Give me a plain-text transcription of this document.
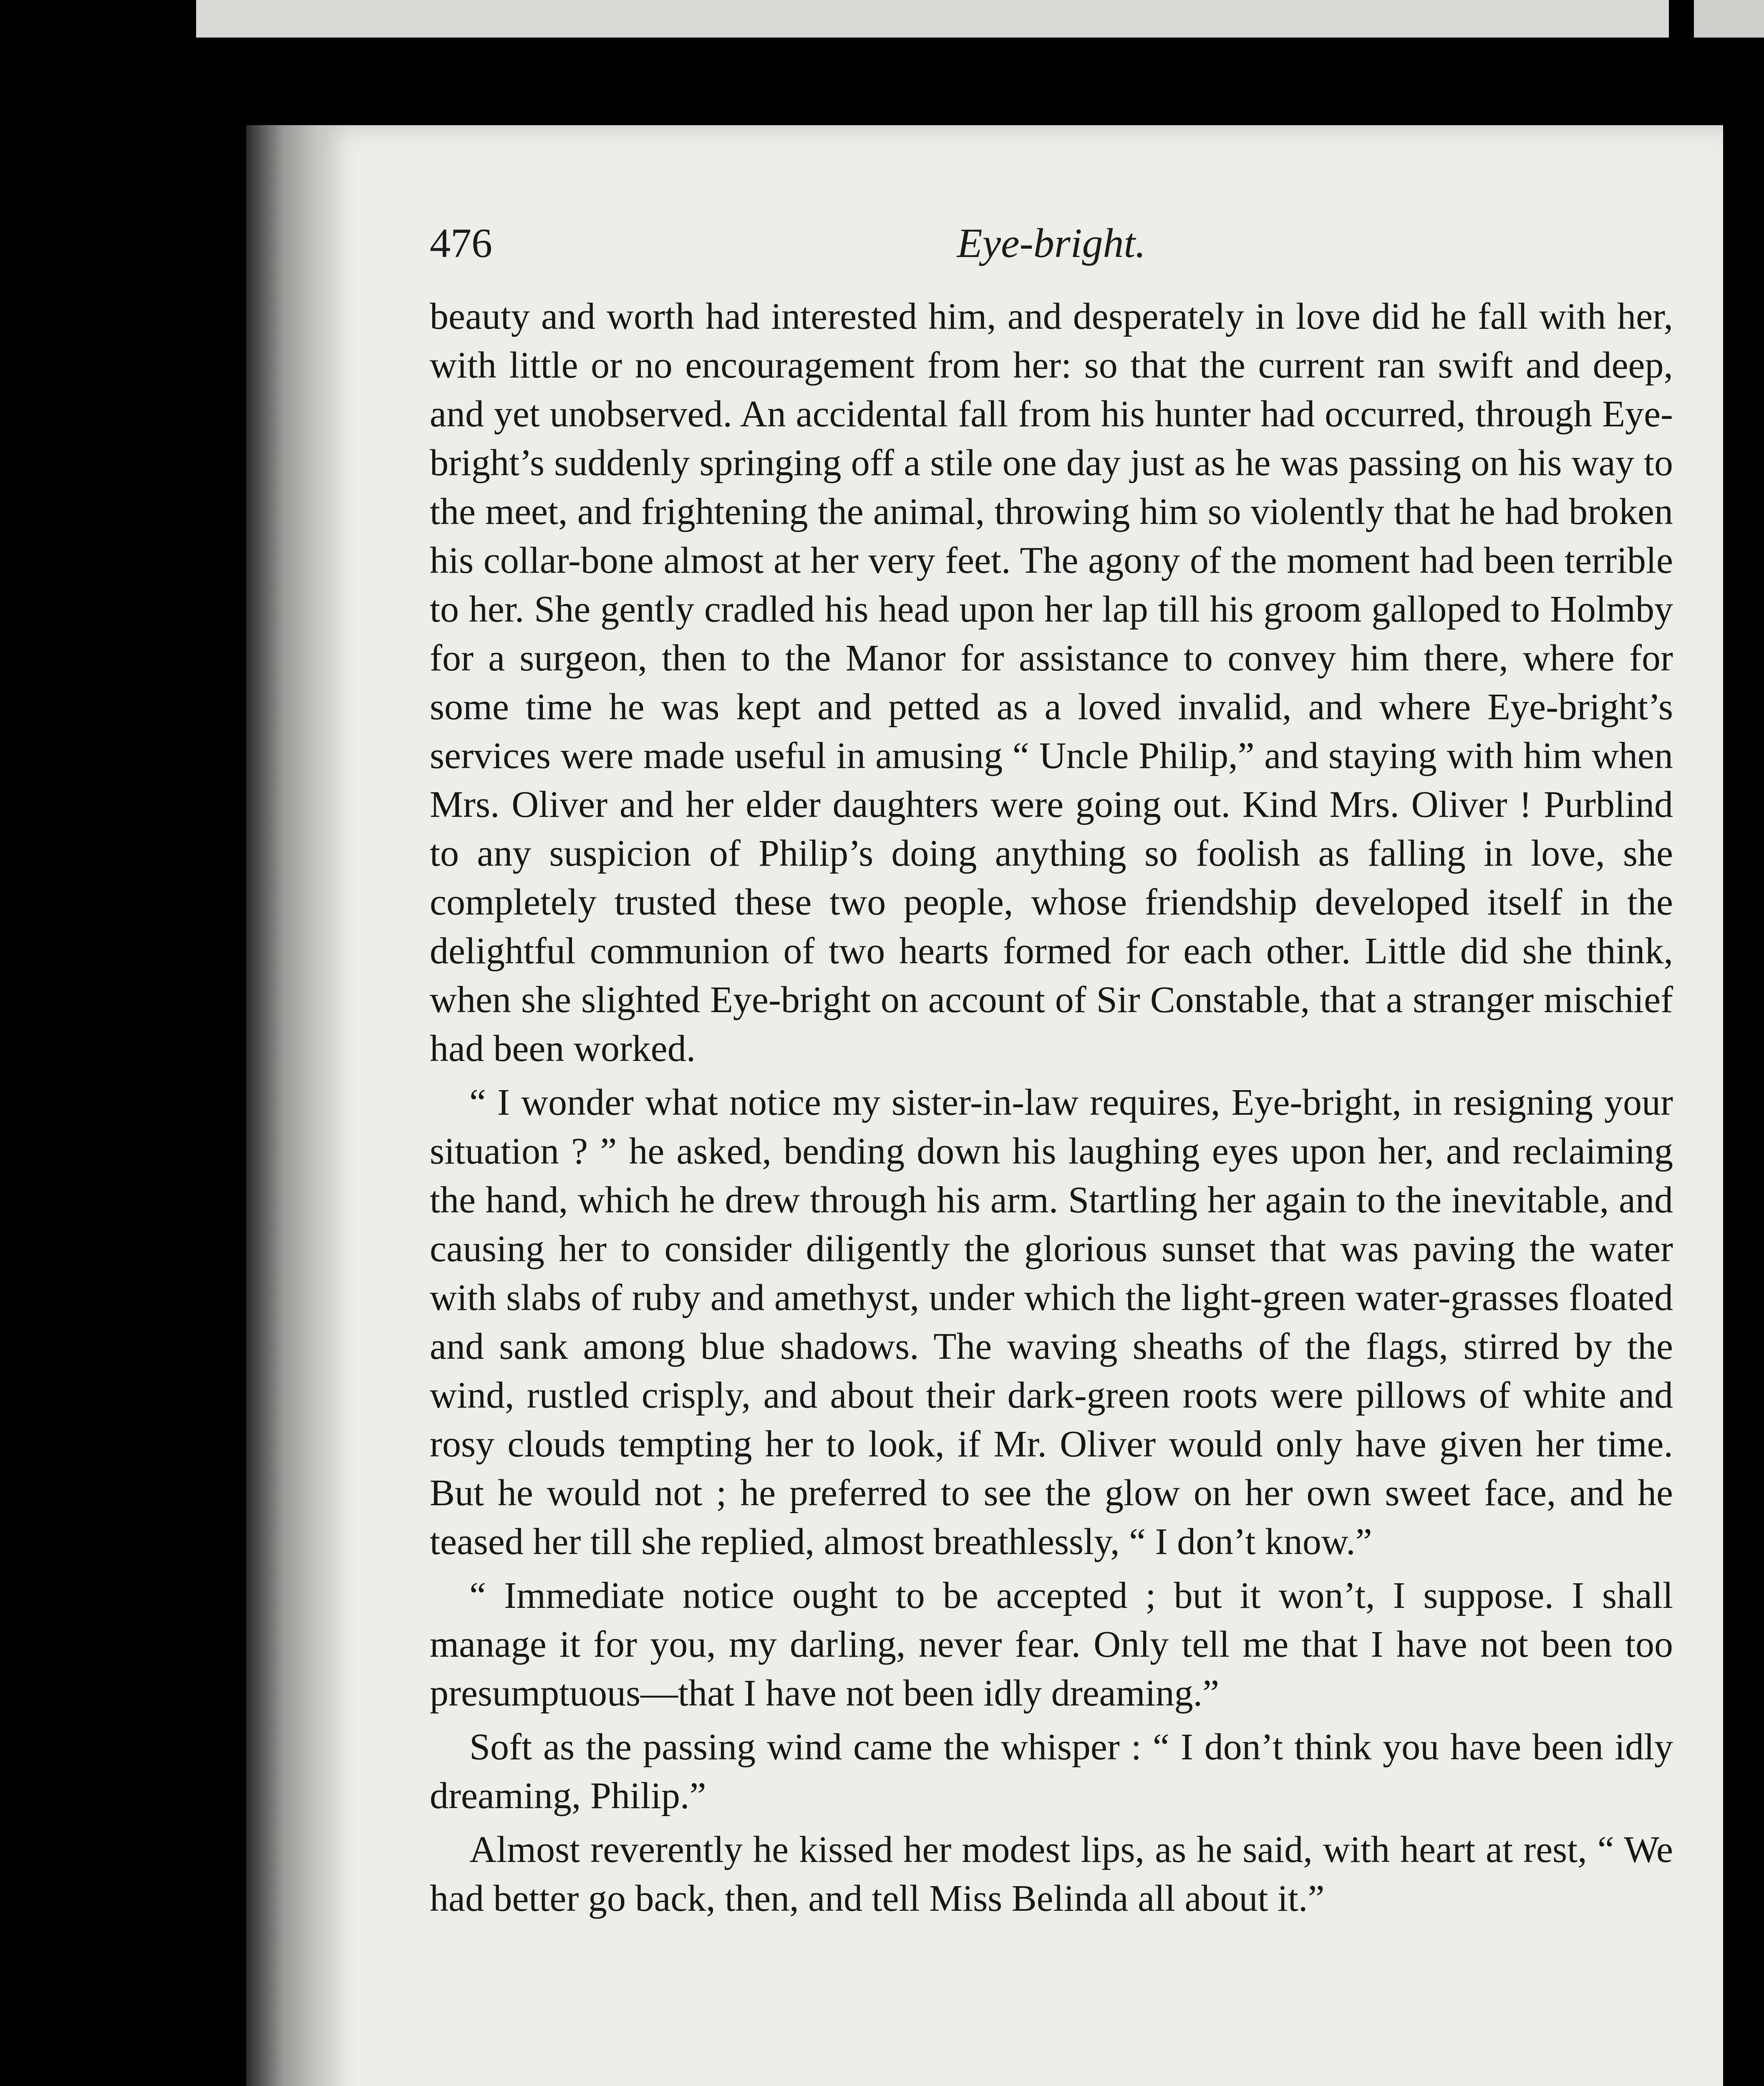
Eye-bright.
476

beauty and worth had interested him, and desperately in love did he fall with her, with little or no encouragement from her: so that the current ran swift and deep, and yet unobserved. An accidental fall from his hunter had occurred, through Eye-bright’s suddenly springing off a stile one day just as he was passing on his way to the meet, and frightening the animal, throwing him so violently that he had broken his collar-bone almost at her very feet. The agony of the moment had been terrible to her. She gently cradled his head upon her lap till his groom galloped to Holmby for a surgeon, then to the Manor for assistance to convey him there, where for some time he was kept and petted as a loved invalid, and where Eye-bright’s services were made useful in amusing “ Uncle Philip,” and staying with him when Mrs. Oliver and her elder daughters were going out. Kind Mrs. Oliver ! Purblind to any suspicion of Philip’s doing anything so foolish as falling in love, she completely trusted these two people, whose friendship developed itself in the delightful communion of two hearts formed for each other. Little did she think, when she slighted Eye-bright on account of Sir Constable, that a stranger mischief had been worked.

“ I wonder what notice my sister-in-law requires, Eye-bright, in resigning your situation ? ” he asked, bending down his laughing eyes upon her, and reclaiming the hand, which he drew through his arm. Startling her again to the inevitable, and causing her to consider diligently the glorious sunset that was paving the water with slabs of ruby and amethyst, under which the light-green water-grasses floated and sank among blue shadows. The waving sheaths of the flags, stirred by the wind, rustled crisply, and about their dark-green roots were pillows of white and rosy clouds tempting her to look, if Mr. Oliver would only have given her time. But he would not ; he preferred to see the glow on her own sweet face, and he teased her till she replied, almost breathlessly, “ I don’t know.”

“ Immediate notice ought to be accepted ; but it won’t, I suppose. I shall manage it for you, my darling, never fear. Only tell me that I have not been too presumptuous—that I have not been idly dreaming.”

Soft as the passing wind came the whisper : “ I don’t think you have been idly dreaming, Philip.”

Almost reverently he kissed her modest lips, as he said, with heart at rest, “ We had better go back, then, and tell Miss Belinda all about it.”
